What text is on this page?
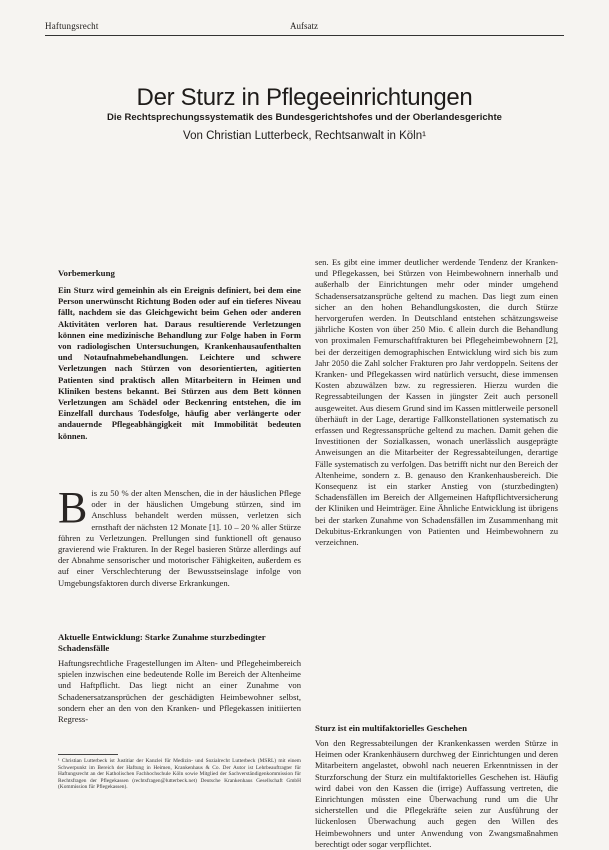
Haftungsrecht	Aufsatz
Der Sturz in Pflegeeinrichtungen
Die Rechtsprechungssystematik des Bundesgerichtshofes und der Oberlandesgerichte
Von Christian Lutterbeck, Rechtsanwalt in Köln¹
Vorbemerkung
Ein Sturz wird gemeinhin als ein Ereignis definiert, bei dem eine Person unerwünscht Richtung Boden oder auf ein tieferes Niveau fällt, nachdem sie das Gleichgewicht beim Gehen oder anderen Aktivitäten verloren hat. Daraus resultierende Verletzungen können eine medizinische Behandlung zur Folge haben in Form von radiologischen Untersuchungen, Krankenhausaufenthalten und Notaufnahmebehandlungen. Leichtere und schwere Verletzungen nach Stürzen von desorientierten, agitierten Patienten sind praktisch allen Mitarbeitern in Heimen und Kliniken bestens bekannt. Bei Stürzen aus dem Bett können Verletzungen am Schädel oder Beckenring entstehen, die im Einzelfall durchaus Todesfolge, häufig aber verlängerte oder andauernde Pflegeabhängigkeit mit Immobilität bedeuten können.
B is zu 50 % der alten Menschen, die in der häuslichen Pflege oder in der häuslichen Umgebung stürzen, sind im Anschluss behandelt werden müssen, verletzen sich ernsthaft der nächsten 12 Monate [1]. 10 – 20 % aller Stürze führen zu Verletzungen. Prellungen sind funktionell oft genauso gravierend wie Frakturen. In der Regel basieren Stürze allerdings auf der Abnahme sensorischer und motorischer Fähigkeiten, außerdem es auf einer Verschlechterung der Bewusstseinslage infolge von Umgebungsfaktoren durch diverse Erkrankungen.
Aktuelle Entwicklung: Starke Zunahme sturzbedingter Schadensfälle
Haftungsrechtliche Fragestellungen im Alten- und Pflegeheimbereich spielen inzwischen eine bedeutende Rolle im Bereich der Altenheime und Haftpflicht. Das liegt nicht an einer Zunahme von Schadenersatzansprüchen der geschädigten Heimbewohner selbst, sondern eher an den von den Kranken- und Pflegekassen initiierten Regress-
¹ Christian Lutterbeck ist Justitiar der Kanzlei für Medizin- und Sozialrecht Lutterbeck (MSRL) mit einem Schwerpunkt im Bereich der Haftung in Heimen, Krankenhaus & Co. Der Autor ist Lehrbeauftragter für Haftungsrecht an der Katholischen Fachhochschule Köln sowie Mitglied der Sachverständigenkommission für Rechtsfragen der Pflegekassen (rechtsfragen@lutterbeck.net) Deutsche Krankenhaus Gesellschaft GmbH (Kommission für Pflegekassen).
sen. Es gibt eine immer deutlicher werdende Tendenz der Kranken- und Pflegekassen, bei Stürzen von Heimbewohnern innerhalb und außerhalb der Einrichtungen mehr oder minder umgehend Schadensersatzansprüche geltend zu machen. Das liegt zum einen sicher an den hohen Behandlungskosten, die durch Stürze hervorgerufen werden. In Deutschland entstehen schätzungsweise jährliche Kosten von über 250 Mio. € allein durch die Behandlung von proximalen Femurschaftfrakturen bei Pflegeheimbewohnern [2], bei der derzeitigen demographischen Entwicklung wird sich bis zum Jahr 2050 die Zahl solcher Frakturen pro Jahr verdoppeln. Seitens der Kranken- und Pflegekassen wird natürlich versucht, diese immensen Kosten abzuwälzen bzw. zu regressieren. Hierzu wurden die Regressabteilungen der Kassen in jüngster Zeit auch personell ausgeweitet. Aus diesem Grund sind im Kassen mittlerweile personell überhäuft in der Lage, derartige Fallkonstellationen systematisch zu erfassen und Regressansprüche geltend zu machen. Damit gehen die Investitionen der Sozialkassen, wonach unerlässlich ausgeprägte Anweisungen an die Mitarbeiter der Regressabteilungen, derartige Fälle systematisch zu verfolgen. Das betrifft nicht nur den Bereich der Altenheime, sondern z. B. genauso den Krankenhausbereich. Die Konsequenz ist ein starker Anstieg von (sturzbedingten) Schadensfällen im Bereich der Allgemeinen Haftpflichtversicherung der Kliniken und Heimträger. Eine Ähnliche Entwicklung ist übrigens bei der starken Zunahme von Schadensfällen im Zusammenhang mit Dekubitus-Erkrankungen von Patienten und Heimbewohnern zu verzeichnen.
Sturz ist ein multifaktorielles Geschehen
Von den Regressabteilungen der Krankenkassen werden Stürze in Heimen oder Krankenhäusern durchweg der Einrichtungen und deren Mitarbeitern angelastet, obwohl nach neueren Erkenntnissen in der Sturzforschung der Sturz ein multifaktorielles Geschehen ist. Häufig wird dabei von den Kassen die (irrige) Auffassung vertreten, die Einrichtungen müssten eine Überwachung rund um die Uhr sicherstellen und die Pflegekräfte seien zur Ausführung der lückenlosen Überwachung auch gegen den Willen des Heimbewohners und unter Anwendung von Zwangsmaßnahmen berechtigt oder sogar verpflichtet.
